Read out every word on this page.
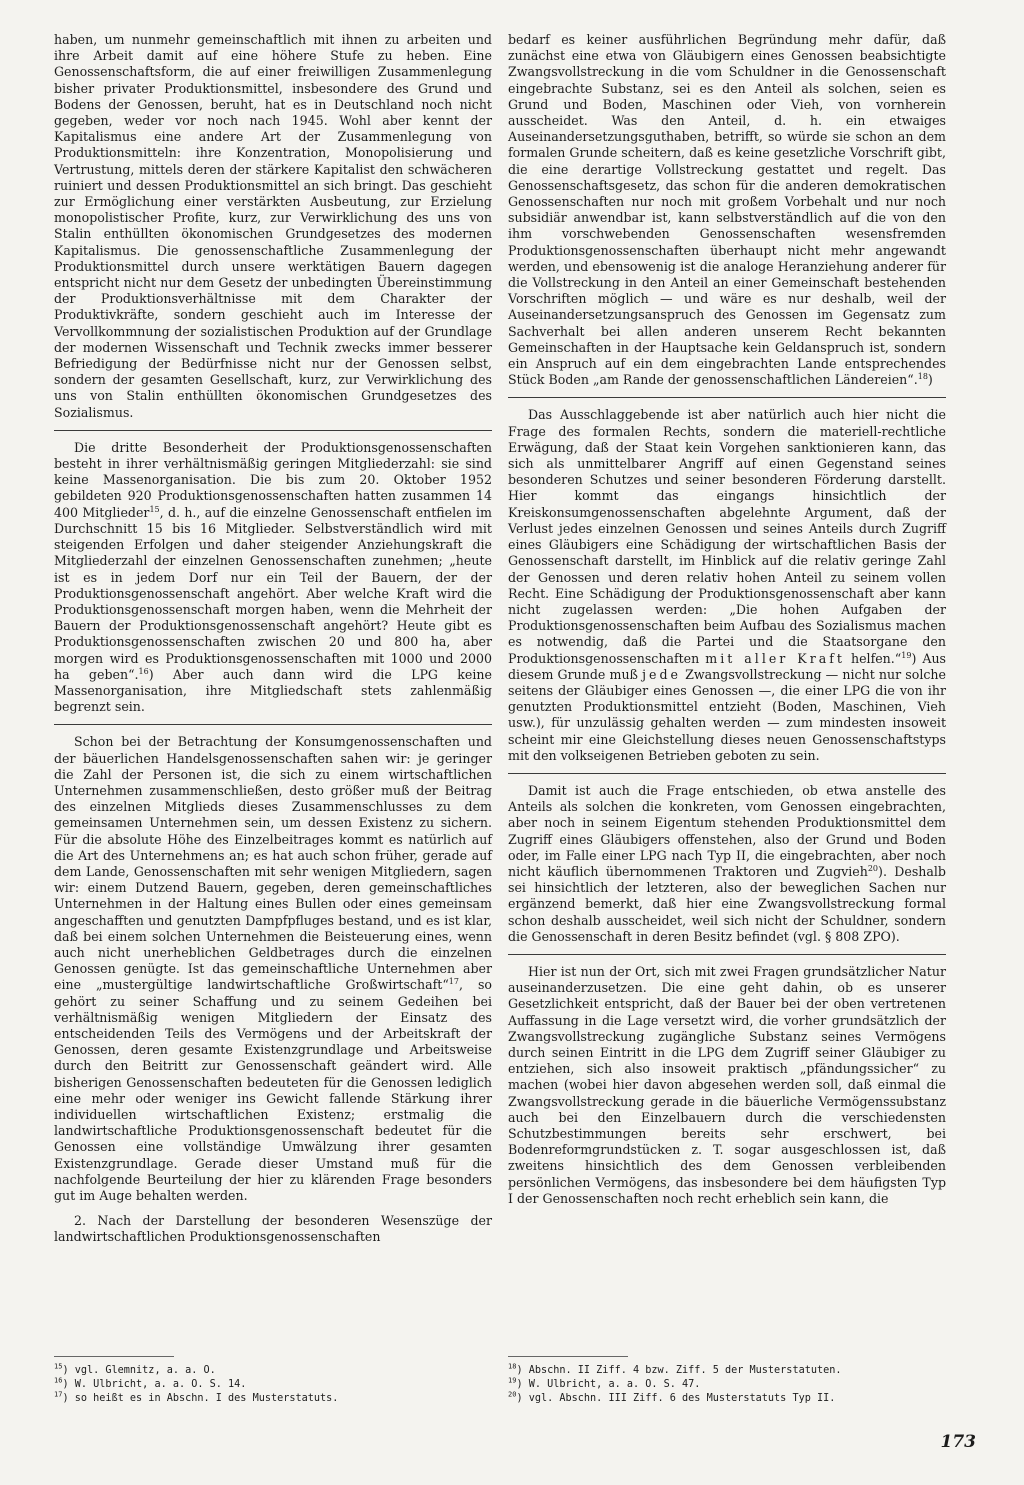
haben, um nunmehr gemeinschaftlich mit ihnen zu arbeiten und ihre Arbeit damit auf eine höhere Stufe zu heben. Eine Genossenschaftsform, die auf einer freiwilligen Zusammenlegung bisher privater Produktionsmittel, insbesondere des Grund und Bodens der Genossen, beruht, hat es in Deutschland noch nicht gegeben, weder vor noch nach 1945. Wohl aber kennt der Kapitalismus eine andere Art der Zusammenlegung von Produktionsmitteln: ihre Konzentration, Monopolisierung und Vertrustung, mittels deren der stärkere Kapitalist den schwächeren ruiniert und dessen Produktionsmittel an sich bringt. Das geschieht zur Ermöglichung einer verstärkten Ausbeutung, zur Erzielung monopolistischer Profite, kurz, zur Verwirklichung des uns von Stalin enthüllten ökonomischen Grundgesetzes des modernen Kapitalismus. Die genossenschaftliche Zusammenlegung der Produktionsmittel durch unsere werktätigen Bauern dagegen entspricht nicht nur dem Gesetz der unbedingten Übereinstimmung der Produktionsverhältnisse mit dem Charakter der Produktivkräfte, sondern geschieht auch im Interesse der Vervollkommnung der sozialistischen Produktion auf der Grundlage der modernen Wissenschaft und Technik zwecks immer besserer Befriedigung der Bedürfnisse nicht nur der Genossen selbst, sondern der gesamten Gesellschaft, kurz, zur Verwirklichung des uns von Stalin enthüllten ökonomischen Grundgesetzes des Sozialismus.

Die dritte Besonderheit der Produktionsgenossenschaften besteht in ihrer verhältnismäßig geringen Mitgliederzahl: sie sind keine Massenorganisation. Die bis zum 20. Oktober 1952 gebildeten 920 Produktionsgenossenschaften hatten zusammen 14 400 Mitglieder$^{15}$, d. h., auf die einzelne Genossenschaft entfielen im Durchschnitt 15 bis 16 Mitglieder. Selbstverständlich wird mit steigenden Erfolgen und daher steigender Anziehungskraft die Mitgliederzahl der einzelnen Genossenschaften zunehmen; „heute ist es in jedem Dorf nur ein Teil der Bauern, der der Produktionsgenossenschaft angehört. Aber welche Kraft wird die Produktionsgenossenschaft morgen haben, wenn die Mehrheit der Bauern der Produktionsgenossenschaft angehört? Heute gibt es Produktionsgenossenschaften zwischen 20 und 800 ha, aber morgen wird es Produktionsgenossenschaften mit 1000 und 2000 ha geben“.$^{16}$) Aber auch dann wird die LPG keine Massenorganisation, ihre Mitgliedschaft stets zahlenmäßig begrenzt sein.

Schon bei der Betrachtung der Konsumgenossenschaften und der bäuerlichen Handelsgenossenschaften sahen wir: je geringer die Zahl der Personen ist, die sich zu einem wirtschaftlichen Unternehmen zusammenschließen, desto größer muß der Beitrag des einzelnen Mitglieds dieses Zusammenschlusses zu dem gemeinsamen Unternehmen sein, um dessen Existenz zu sichern. Für die absolute Höhe des Einzelbeitrages kommt es natürlich auf die Art des Unternehmens an; es hat auch schon früher, gerade auf dem Lande, Genossenschaften mit sehr wenigen Mitgliedern, sagen wir: einem Dutzend Bauern, gegeben, deren gemeinschaftliches Unternehmen in der Haltung eines Bullen oder eines gemeinsam angeschafften und genutzten Dampfpfluges bestand, und es ist klar, daß bei einem solchen Unternehmen die Beisteuerung eines, wenn auch nicht unerheblichen Geldbetrages durch die einzelnen Genossen genügte. Ist das gemeinschaftliche Unternehmen aber eine „mustergültige landwirtschaftliche Großwirtschaft“$^{17}$, so gehört zu seiner Schaffung und zu seinem Gedeihen bei verhältnismäßig wenigen Mitgliedern der Einsatz des entscheidenden Teils des Vermögens und der Arbeitskraft der Genossen, deren gesamte Existenzgrundlage und Arbeitsweise durch den Beitritt zur Genossenschaft geändert wird. Alle bisherigen Genossenschaften bedeuteten für die Genossen lediglich eine mehr oder weniger ins Gewicht fallende Stärkung ihrer individuellen wirtschaftlichen Existenz; erstmalig die landwirtschaftliche Produktionsgenossenschaft bedeutet für die Genossen eine vollständige Umwälzung ihrer gesamten Existenzgrundlage. Gerade dieser Umstand muß für die nachfolgende Beurteilung der hier zu klärenden Frage besonders gut im Auge behalten werden.

2. Nach der Darstellung der besonderen Wesenszüge der landwirtschaftlichen Produktionsgenossenschaften

bedarf es keiner ausführlichen Begründung mehr dafür, daß zunächst eine etwa von Gläubigern eines Genossen beabsichtigte Zwangsvollstreckung in die vom Schuldner in die Genossenschaft eingebrachte Substanz, sei es den Anteil als solchen, seien es Grund und Boden, Maschinen oder Vieh, von vornherein ausscheidet. Was den Anteil, d. h. ein etwaiges Auseinandersetzungsguthaben, betrifft, so würde sie schon an dem formalen Grunde scheitern, daß es keine gesetzliche Vorschrift gibt, die eine derartige Vollstreckung gestattet und regelt. Das Genossenschaftsgesetz, das schon für die anderen demokratischen Genossenschaften nur noch mit großem Vorbehalt und nur noch subsidiär anwendbar ist, kann selbstverständlich auf die von den ihm vorschwebenden Genossenschaften wesensfremden Produktionsgenossenschaften überhaupt nicht mehr angewandt werden, und ebensowenig ist die analoge Heranziehung anderer für die Vollstreckung in den Anteil an einer Gemeinschaft bestehenden Vorschriften möglich — und wäre es nur deshalb, weil der Auseinandersetzungsanspruch des Genossen im Gegensatz zum Sachverhalt bei allen anderen unserem Recht bekannten Gemeinschaften in der Hauptsache kein Geldanspruch ist, sondern ein Anspruch auf ein dem eingebrachten Lande entsprechendes Stück Boden „am Rande der genossenschaftlichen Ländereien“.$^{18}$)

Das Ausschlaggebende ist aber natürlich auch hier nicht die Frage des formalen Rechts, sondern die materiell-rechtliche Erwägung, daß der Staat kein Vorgehen sanktionieren kann, das sich als unmittelbarer Angriff auf einen Gegenstand seines besonderen Schutzes und seiner besonderen Förderung darstellt. Hier kommt das eingangs hinsichtlich der Kreiskonsumgenossenschaften abgelehnte Argument, daß der Verlust jedes einzelnen Genossen und seines Anteils durch Zugriff eines Gläubigers eine Schädigung der wirtschaftlichen Basis der Genossenschaft darstellt, im Hinblick auf die relativ geringe Zahl der Genossen und deren relativ hohen Anteil zu seinem vollen Recht. Eine Schädigung der Produktionsgenossenschaft aber kann nicht zugelassen werden: „Die hohen Aufgaben der Produktionsgenossenschaften beim Aufbau des Sozialismus machen es notwendig, daß die Partei und die Staatsorgane den Produktionsgenossenschaften mit aller Kraft helfen.“$^{19}$) Aus diesem Grunde muß jede Zwangsvollstreckung — nicht nur solche seitens der Gläubiger eines Genossen —, die einer LPG die von ihr genutzten Produktionsmittel entzieht (Boden, Maschinen, Vieh usw.), für unzulässig gehalten werden — zum mindesten insoweit scheint mir eine Gleichstellung dieses neuen Genossenschaftstyps mit den volkseigenen Betrieben geboten zu sein.

Damit ist auch die Frage entschieden, ob etwa anstelle des Anteils als solchen die konkreten, vom Genossen eingebrachten, aber noch in seinem Eigentum stehenden Produktionsmittel dem Zugriff eines Gläubigers offenstehen, also der Grund und Boden oder, im Falle einer LPG nach Typ II, die eingebrachten, aber noch nicht käuflich übernommenen Traktoren und Zugvieh$^{20}$). Deshalb sei hinsichtlich der letzteren, also der beweglichen Sachen nur ergänzend bemerkt, daß hier eine Zwangsvollstreckung formal schon deshalb ausscheidet, weil sich nicht der Schuldner, sondern die Genossenschaft in deren Besitz befindet (vgl. § 808 ZPO).

Hier ist nun der Ort, sich mit zwei Fragen grundsätzlicher Natur auseinanderzusetzen. Die eine geht dahin, ob es unserer Gesetzlichkeit entspricht, daß der Bauer bei der oben vertretenen Auffassung in die Lage versetzt wird, die vorher grundsätzlich der Zwangsvollstreckung zugängliche Substanz seines Vermögens durch seinen Eintritt in die LPG dem Zugriff seiner Gläubiger zu entziehen, sich also insoweit praktisch „pfändungssicher“ zu machen (wobei hier davon abgesehen werden soll, daß einmal die Zwangsvollstreckung gerade in die bäuerliche Vermögenssubstanz auch bei den Einzelbauern durch die verschiedensten Schutzbestimmungen bereits sehr erschwert, bei Bodenreformgrundstücken z. T. sogar ausgeschlossen ist, daß zweitens hinsichtlich des dem Genossen verbleibenden persönlichen Vermögens, das insbesondere bei dem häufigsten Typ I der Genossenschaften noch recht erheblich sein kann, die

$^{15}$) vgl. Glemnitz, a. a. O.

$^{16}$) W. Ulbricht, a. a. O. S. 14.

$^{17}$) so heißt es in Abschn. I des Musterstatuts.

$^{18}$) Abschn. II Ziff. 4 bzw. Ziff. 5 der Musterstatuten.

$^{19}$) W. Ulbricht, a. a. O. S. 47.

$^{20}$) vgl. Abschn. III Ziff. 6 des Musterstatuts Typ II.

173
